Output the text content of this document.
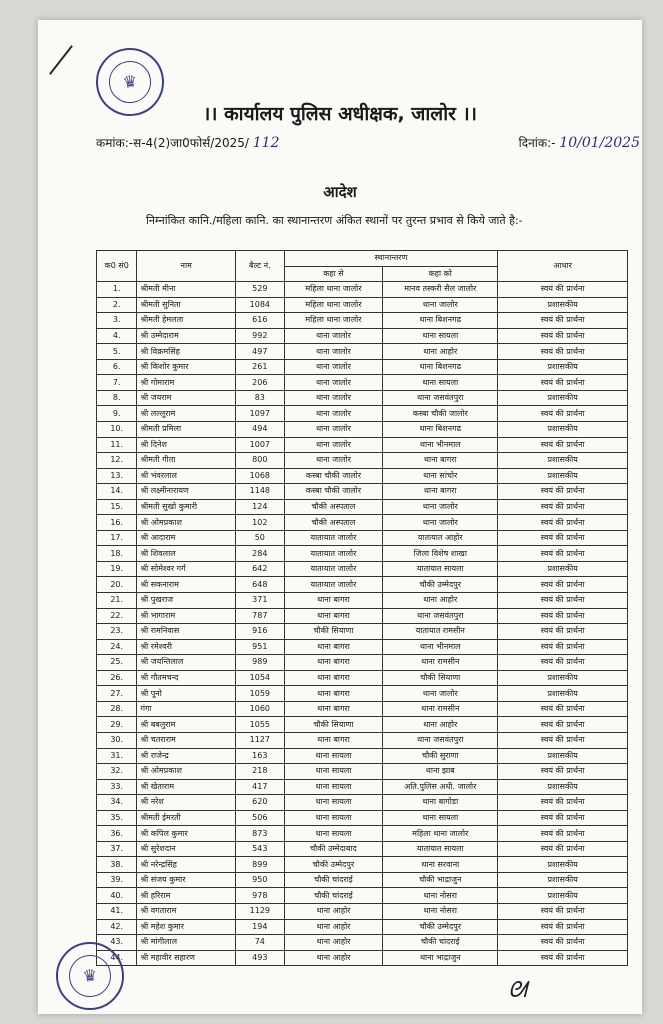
♛
।। कार्यालय पुलिस अधीक्षक, जालोर ।।
कमांक:-स-4(2)जा0फोर्स/2025/ 112	दिनांक:- 10/01/2025
आदेश
निम्नांकित कानि./महिला कानि. का स्थानान्तरण अंकित स्थानों पर तुरन्त प्रभाव से किये जाते है:-
क0 सं0	नाम	बैल्ट नं.	स्थानान्तरण		आधार
			कहा से	कहा को	
1.	श्रीमती मीना	529	महिला थाना जालोर	मानव तस्करी सैल जालोर	स्वयं की प्रार्थना
2.	श्रीमती सुनिता	1084	महिला थाना जालोर	थाना जालोर	प्रशासकीय
3.	श्रीमती हेमलता	616	महिला थाना जालोर	थाना बिशनगढ	स्वयं की प्रार्थना
4.	श्री उम्मेदाराम	992	थाना जालोर	थाना सायला	स्वयं की प्रार्थना
5.	श्री विक्रमसिंह	497	थाना जालोर	थाना आहोर	स्वयं की प्रार्थना
6.	श्री किशोर कुमार	261	थाना जालोर	थाना बिशनगढ	प्रशासकीय
7.	श्री गोमाराम	206	थाना जालोर	थाना सायला	स्वयं की प्रार्थना
8.	श्री जयराम	83	थाना जालोर	थाना जसवंतपुरा	प्रशासकीय
9.	श्री लल्लूराम	1097	थाना जालोर	कस्बा चौकी जालोर	स्वयं की प्रार्थना
10.	श्रीमती प्रमिला	494	थाना जालोर	थाना बिशनगढ	प्रशासकीय
11.	श्री दिनेश	1007	थाना जालोर	थाना भीनमाल	स्वयं की प्रार्थना
12.	श्रीमती गीता	800	थाना जालोर	थाना बागरा	प्रशासकीय
13.	श्री भंवरलाल	1068	कस्बा चौकी जालोर	थाना सांचोर	प्रशासकीय
14.	श्री लक्ष्मीनारायण	1148	कस्बा चौकी जालोर	थाना बागरा	स्वयं की प्रार्थना
15.	श्रीमती सुखो कुमारी	124	चौकी अस्पताल	थाना जालोर	स्वयं की प्रार्थना
16.	श्री ओमप्रकाश	102	चौकी अस्पताल	थाना जालोर	स्वयं की प्रार्थना
17.	श्री आदाराम	50	यातायात जालोर	यातायात आहोर	स्वयं की प्रार्थना
18.	श्री शिवलाल	284	यातायात जालोर	जिला विशेष शाखा	स्वयं की प्रार्थना
19.	श्री सोमेश्वर गर्ग	642	यातायात जालोर	यातायात सायला	प्रशासकीय
20.	श्री सकनाराम	648	यातायात जालोर	चौकी उम्मेदपुर	स्वयं की प्रार्थना
21.	श्री पुखराज	371	थाना बागरा	थाना आहोर	स्वयं की प्रार्थना
22.	श्री भागाराम	787	थाना बागरा	थाना जसवंतपुरा	स्वयं की प्रार्थना
23.	श्री रामनिवास	916	चौकी सियाणा	यातायात रामसीन	स्वयं की प्रार्थना
24.	श्री रमेश्वरी	951	थाना बागरा	थाना भीनमाल	स्वयं की प्रार्थना
25.	श्री जयन्तिलाल	989	थाना बागरा	थाना रामसीन	स्वयं की प्रार्थना
26.	श्री गौतमचन्द	1054	थाना बागरा	चौकी सियाणा	प्रशासकीय
27.	श्री पूनो	1059	थाना बागरा	थाना जालोर	प्रशासकीय
28.	गंगा	1060	थाना बागरा	थाना रामसीन	स्वयं की प्रार्थना
29.	श्री बबलुराम	1055	चौकी सियाणा	थाना आहोर	स्वयं की प्रार्थना
30.	श्री चतराराम	1127	थाना बागरा	थाना जसवंतपुरा	स्वयं की प्रार्थना
31.	श्री राजेन्द्र	163	थाना सायला	चौकी सुराणा	प्रशासकीय
32.	श्री ओमप्रकाश	218	थाना सायला	थाना झाब	स्वयं की प्रार्थना
33.	श्री खेताराम	417	थाना सायला	अति.पुलिस अधी. जालोर	प्रशासकीय
34.	श्री नरेश	620	थाना सायला	थाना बागोडा	स्वयं की प्रार्थना
35.	श्रीमती ईमरती	506	थाना सायला	थाना सायला	स्वयं की प्रार्थना
36.	श्री कपिल कुमार	873	थाना सायला	महिला थाना जालोर	स्वयं की प्रार्थना
37.	श्री सुरेशदान	543	चौकी उम्मेदाबाद	यातायात सायला	स्वयं की प्रार्थना
38.	श्री नरेन्द्रसिंह	899	चौकी उम्मेदपुर	थाना सरवाना	प्रशासकीय
39.	श्री संजय कुमार	950	चौकी चांदराई	चौकी भाद्राजुन	प्रशासकीय
40.	श्री हरिराम	978	चौकी चांदराई	थाना नोसरा	प्रशासकीय
41.	श्री वगताराम	1129	थाना आहोर	थाना नोसरा	स्वयं की प्रार्थना
42.	श्री महेश कुमार	194	थाना आहोर	चौकी उम्मेदपुर	स्वयं की प्रार्थना
43.	श्री मांगीलाल	74	थाना आहोर	चौकी चांदराई	स्वयं की प्रार्थना
44.	श्री महावीर सहारण	493	थाना आहोर	थाना भाद्राजुन	स्वयं की प्रार्थना
♛
ᘛ
